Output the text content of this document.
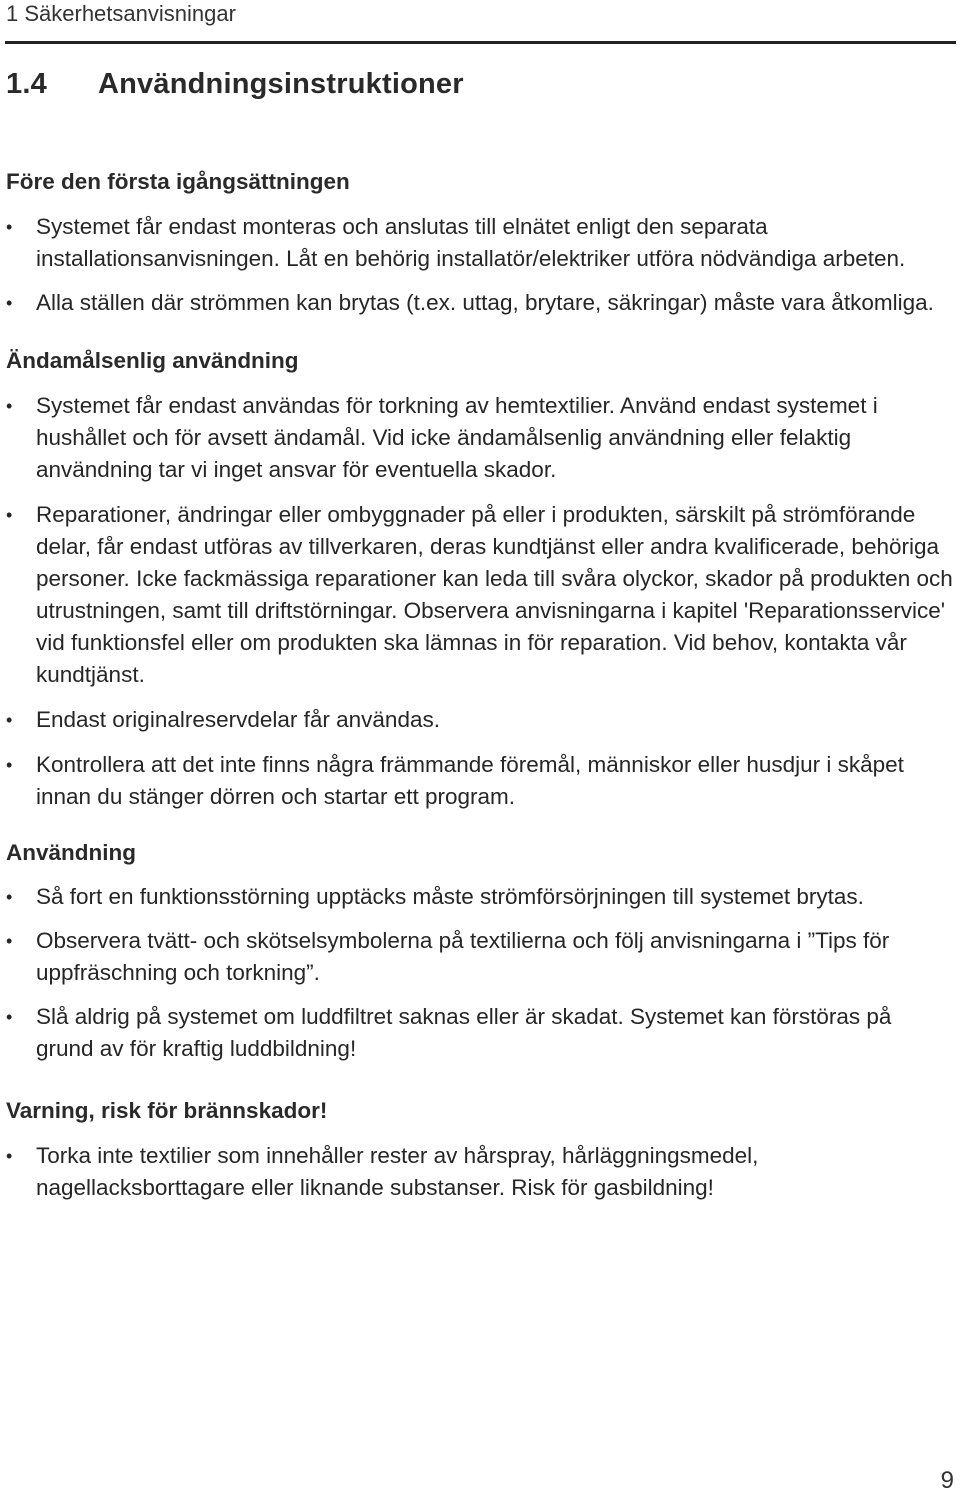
1 Säkerhetsanvisningar
1.4 Användningsinstruktioner
Före den första igångsättningen
•	Systemet får endast monteras och anslutas till elnätet enligt den separata installationsanvisningen. Låt en behörig installatör/elektriker utföra nödvändiga arbeten.
•	Alla ställen där strömmen kan brytas (t.ex. uttag, brytare, säkringar) måste vara åtkomliga.
Ändamålsenlig användning
•	Systemet får endast användas för torkning av hemtextilier. Använd endast systemet i hushållet och för avsett ändamål. Vid icke ändamålsenlig användning eller felaktig användning tar vi inget ansvar för eventuella skador.
•	Reparationer, ändringar eller ombyggnader på eller i produkten, särskilt på strömförande delar, får endast utföras av tillverkaren, deras kundtjänst eller andra kvalificerade, behöriga personer. Icke fackmässiga reparationer kan leda till svåra olyckor, skador på produkten och utrustningen, samt till driftstörningar. Observera anvisningarna i kapitel 'Reparationsservice' vid funktionsfel eller om produkten ska lämnas in för reparation. Vid behov, kontakta vår kundtjänst.
•	Endast originalreservdelar får användas.
•	Kontrollera att det inte finns några främmande föremål, människor eller husdjur i skåpet innan du stänger dörren och startar ett program.
Användning
•	Så fort en funktionsstörning upptäcks måste strömförsörjningen till systemet brytas.
•	Observera tvätt- och skötselsymbolerna på textilierna och följ anvisningarna i ”Tips för uppfräschning och torkning”.
•	Slå aldrig på systemet om luddfiltret saknas eller är skadat. Systemet kan förstöras på grund av för kraftig luddbildning!
Varning, risk för brännskador!
•	Torka inte textilier som innehåller rester av hårspray, hårläggningsmedel, nagellacksborttagare eller liknande substanser. Risk för gasbildning!
9
